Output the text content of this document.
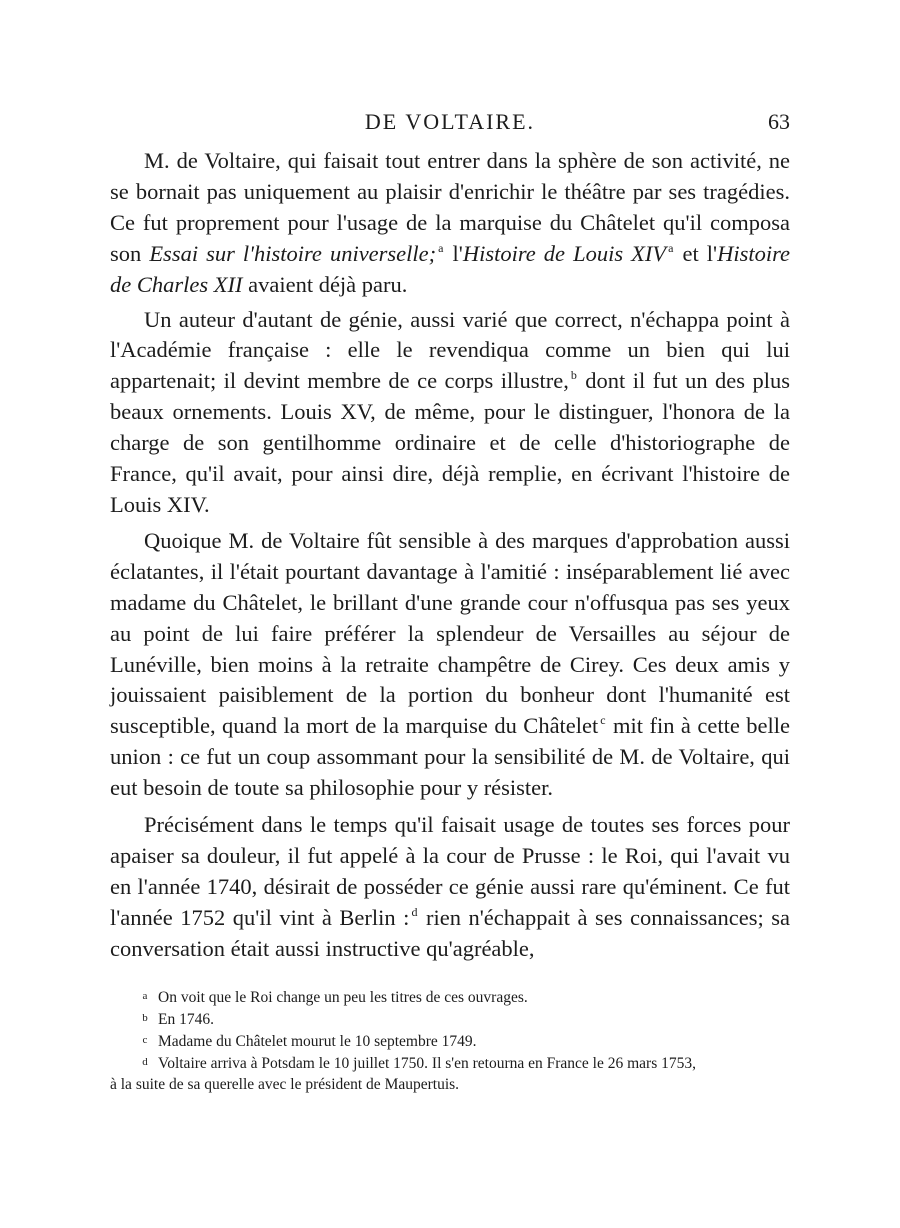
DE VOLTAIRE.	63

M. de Voltaire, qui faisait tout entrer dans la sphère de son activité, ne se bornait pas uniquement au plaisir d'enrichir le théâtre par ses tragédies. Ce fut proprement pour l'usage de la marquise du Châtelet qu'il composa son Essai sur l'histoire universelle; $^a$ l'Histoire de Louis XIV $^a$ et l'Histoire de Charles XII avaient déjà paru.

Un auteur d'autant de génie, aussi varié que correct, n'échappa point à l'Académie française : elle le revendiqua comme un bien qui lui appartenait; il devint membre de ce corps illustre, $^b$ dont il fut un des plus beaux ornements. Louis XV, de même, pour le distinguer, l'honora de la charge de son gentilhomme ordinaire et de celle d'historiographe de France, qu'il avait, pour ainsi dire, déjà remplie, en écrivant l'histoire de Louis XIV.

Quoique M. de Voltaire fût sensible à des marques d'approbation aussi éclatantes, il l'était pourtant davantage à l'amitié : inséparablement lié avec madame du Châtelet, le brillant d'une grande cour n'offusqua pas ses yeux au point de lui faire préférer la splendeur de Versailles au séjour de Lunéville, bien moins à la retraite champêtre de Cirey. Ces deux amis y jouissaient paisiblement de la portion du bonheur dont l'humanité est susceptible, quand la mort de la marquise du Châtelet $^c$ mit fin à cette belle union : ce fut un coup assommant pour la sensibilité de M. de Voltaire, qui eut besoin de toute sa philosophie pour y résister.

Précisément dans le temps qu'il faisait usage de toutes ses forces pour apaiser sa douleur, il fut appelé à la cour de Prusse : le Roi, qui l'avait vu en l'année 1740, désirait de posséder ce génie aussi rare qu'éminent. Ce fut l'année 1752 qu'il vint à Berlin : $^d$ rien n'échappait à ses connaissances; sa conversation était aussi instructive qu'agréable,

a On voit que le Roi change un peu les titres de ces ouvrages.

b En 1746.

c Madame du Châtelet mourut le 10 septembre 1749.

d Voltaire arriva à Potsdam le 10 juillet 1750. Il s'en retourna en France le 26 mars 1753,
à la suite de sa querelle avec le président de Maupertuis.
